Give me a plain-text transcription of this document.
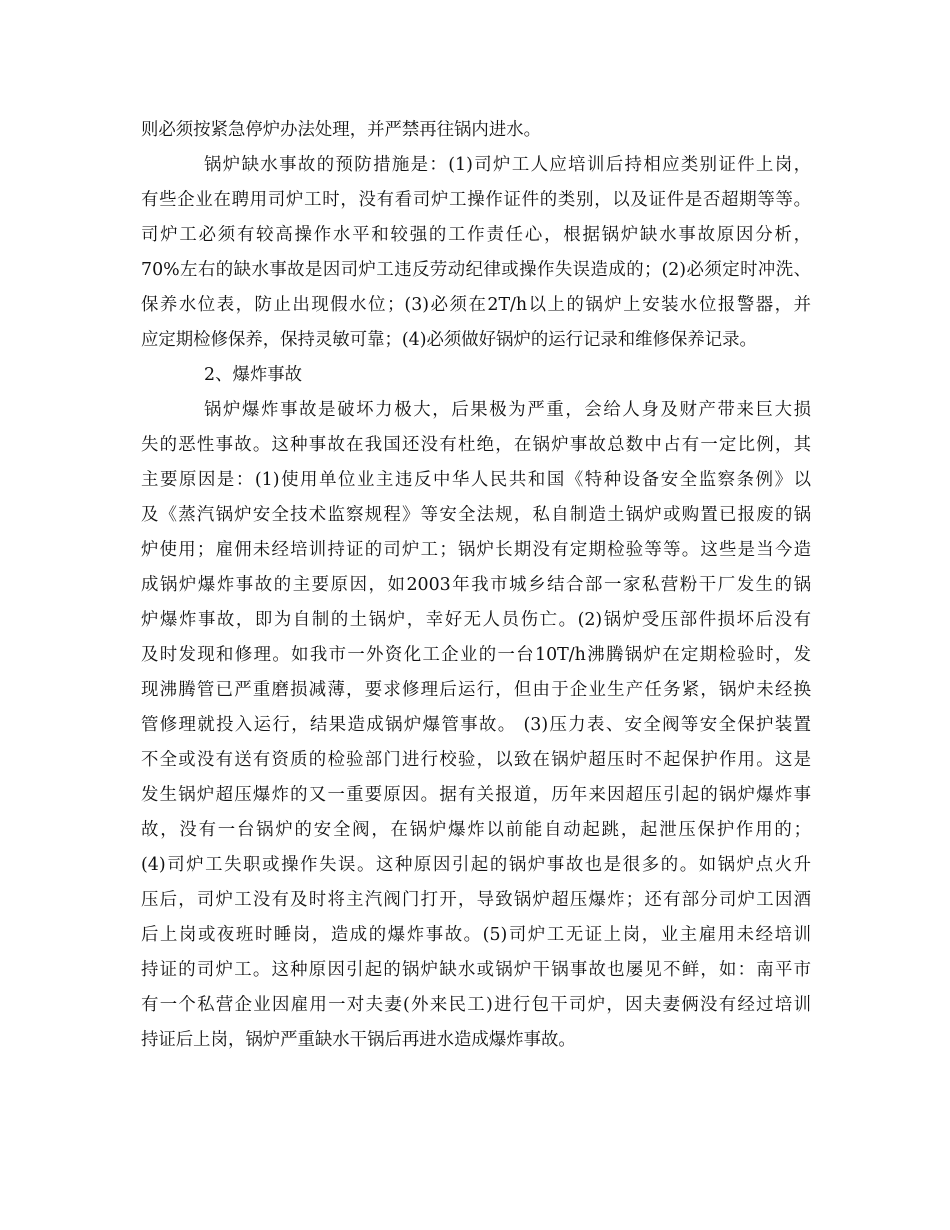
则必须按紧急停炉办法处理，并严禁再往锅内进水。
锅炉缺水事故的预防措施是：(1)司炉工人应培训后持相应类别证件上岗，
有些企业在聘用司炉工时，没有看司炉工操作证件的类别，以及证件是否超期等等。
司炉工必须有较高操作水平和较强的工作责任心，根据锅炉缺水事故原因分析，
70%左右的缺水事故是因司炉工违反劳动纪律或操作失误造成的；(2)必须定时冲洗、
保养水位表，防止出现假水位；(3)必须在2T/h以上的锅炉上安装水位报警器，并
应定期检修保养，保持灵敏可靠；(4)必须做好锅炉的运行记录和维修保养记录。
2、爆炸事故
锅炉爆炸事故是破坏力极大，后果极为严重，会给人身及财产带来巨大损
失的恶性事故。这种事故在我国还没有杜绝，在锅炉事故总数中占有一定比例，其
主要原因是：(1)使用单位业主违反中华人民共和国《特种设备安全监察条例》以
及《蒸汽锅炉安全技术监察规程》等安全法规，私自制造土锅炉或购置已报废的锅
炉使用；雇佣未经培训持证的司炉工；锅炉长期没有定期检验等等。这些是当今造
成锅炉爆炸事故的主要原因，如2003年我市城乡结合部一家私营粉干厂发生的锅
炉爆炸事故，即为自制的土锅炉，幸好无人员伤亡。(2)锅炉受压部件损坏后没有
及时发现和修理。如我市一外资化工企业的一台10T/h沸腾锅炉在定期检验时，发
现沸腾管已严重磨损减薄，要求修理后运行，但由于企业生产任务紧，锅炉未经换
管修理就投入运行，结果造成锅炉爆管事故。 (3)压力表、安全阀等安全保护装置
不全或没有送有资质的检验部门进行校验，以致在锅炉超压时不起保护作用。这是
发生锅炉超压爆炸的又一重要原因。据有关报道，历年来因超压引起的锅炉爆炸事
故，没有一台锅炉的安全阀，在锅炉爆炸以前能自动起跳，起泄压保护作用的；
(4)司炉工失职或操作失误。这种原因引起的锅炉事故也是很多的。如锅炉点火升
压后，司炉工没有及时将主汽阀门打开，导致锅炉超压爆炸；还有部分司炉工因酒
后上岗或夜班时睡岗，造成的爆炸事故。(5)司炉工无证上岗，业主雇用未经培训
持证的司炉工。这种原因引起的锅炉缺水或锅炉干锅事故也屡见不鲜，如：南平市
有一个私营企业因雇用一对夫妻(外来民工)进行包干司炉，因夫妻俩没有经过培训
持证后上岗，锅炉严重缺水干锅后再进水造成爆炸事故。
